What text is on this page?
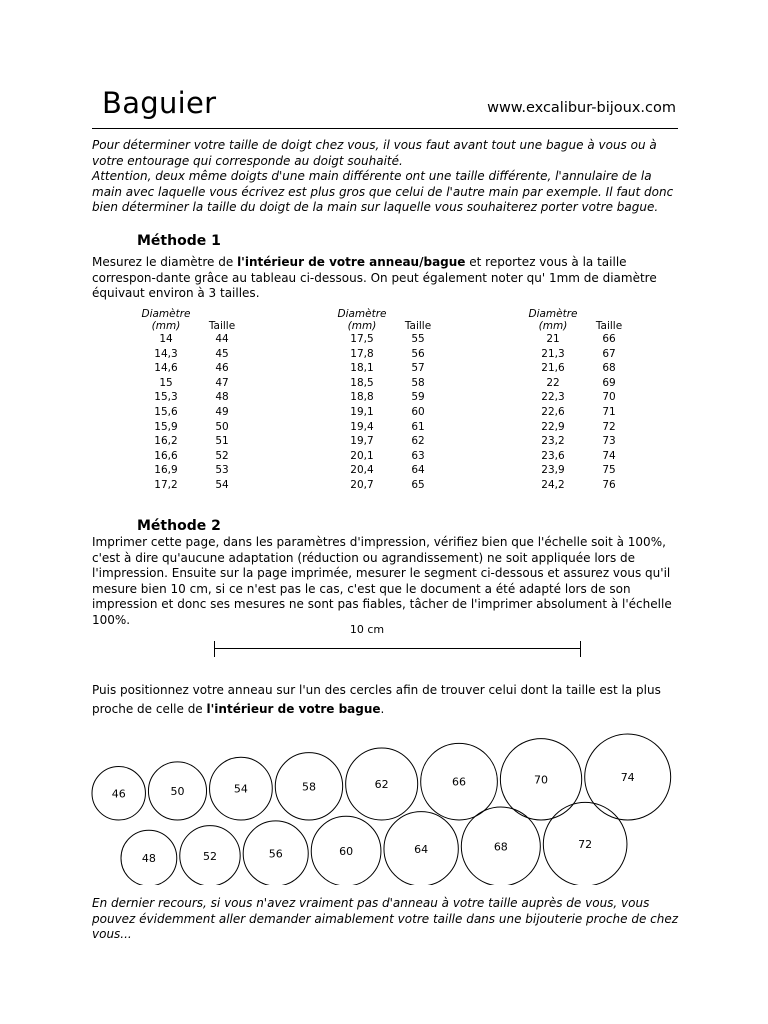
Baguier	www.excalibur-bijoux.com
Pour déterminer votre taille de doigt chez vous, il vous faut avant tout une bague à vous ou à votre entourage qui corresponde au doigt souhaité.
Attention, deux même doigts d'une main différente ont une taille différente, l'annulaire de la main avec laquelle vous écrivez est plus gros que celui de l'autre main par exemple. Il faut donc bien déterminer la taille du doigt de la main sur laquelle vous souhaiterez porter votre bague.
Méthode 1
Mesurez le diamètre de l'intérieur de votre anneau/bague et reportez vous à la taille correspon-dante grâce au tableau ci-dessous. On peut également noter qu' 1mm de diamètre équivaut environ à 3 tailles.
Diamètre
(mm)	Taille
14	44
14,3	45
14,6	46
15	47
15,3	48
15,6	49
15,9	50
16,2	51
16,6	52
16,9	53
17,2	54
Diamètre
(mm)	Taille
17,5	55
17,8	56
18,1	57
18,5	58
18,8	59
19,1	60
19,4	61
19,7	62
20,1	63
20,4	64
20,7	65
Diamètre
(mm)	Taille
21	66
21,3	67
21,6	68
22	69
22,3	70
22,6	71
22,9	72
23,2	73
23,6	74
23,9	75
24,2	76
Méthode 2
Imprimer cette page, dans les paramètres d'impression, vérifiez bien que l'échelle soit à 100%, c'est à dire qu'aucune adaptation (réduction ou agrandissement) ne soit appliquée lors de l'impression. Ensuite sur la page imprimée, mesurer le segment ci-dessous et assurez vous qu'il mesure bien 10 cm, si ce n'est pas le cas, c'est que le document a été adapté lors de son impression et donc ses mesures ne sont pas fiables, tâcher de l'imprimer absolument à l'échelle 100%.
10 cm
Puis positionnez votre anneau sur l'un des cercles afin de trouver celui dont la taille est la plus proche de celle de l'intérieur de votre bague.
46	50	54	58	62	66	70	74
48	52	56	60	64	68	72
En dernier recours, si vous n'avez vraiment pas d'anneau à votre taille auprès de vous, vous pouvez évidemment aller demander aimablement votre taille dans une bijouterie proche de chez vous...
